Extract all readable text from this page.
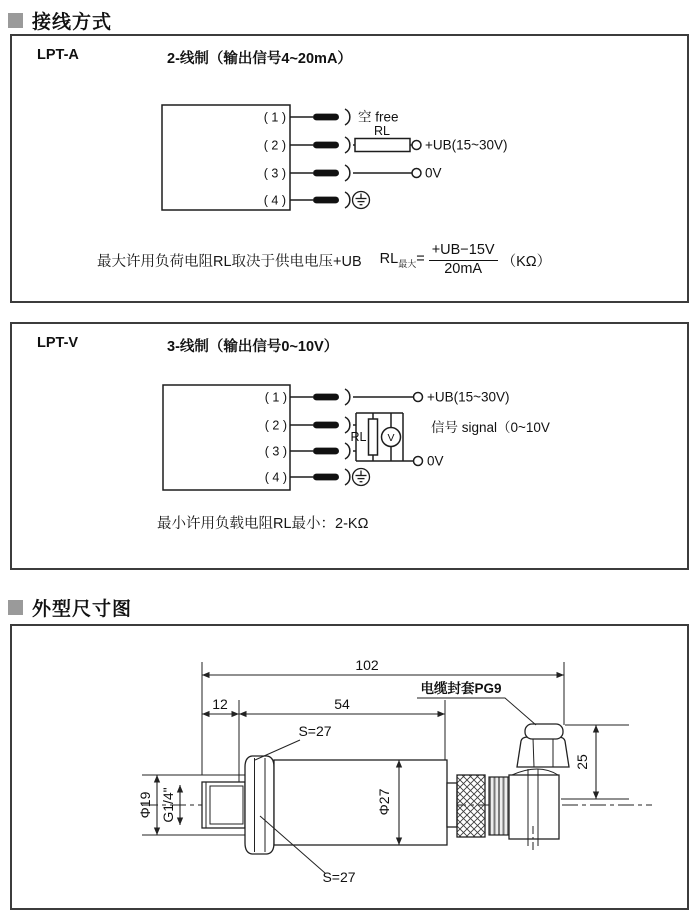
接线方式
LPT-A	2-线制（输出信号4~20mA）
( 1 )	空 free
( 2 )
RL
+UB(15~30V)
( 3 )	0V
( 4 )
最大许用负荷电阻RL取决于供电电压+UB $RL_{最大}= \frac{+UB-15V}{20mA} (K\Omega)$
LPT-V	3-线制（输出信号0~10V）
( 1 )	+UB(15~30V)
( 2 )
( 3 )
RL V
0V
信号 signal（0~10V
( 4 )
最小许用负载电阻RL最小：2-KΩ
外型尺寸图
102
电缆封套PG9
12	54
S=27
S=27
Φ19 G1/4"	Φ27
25
